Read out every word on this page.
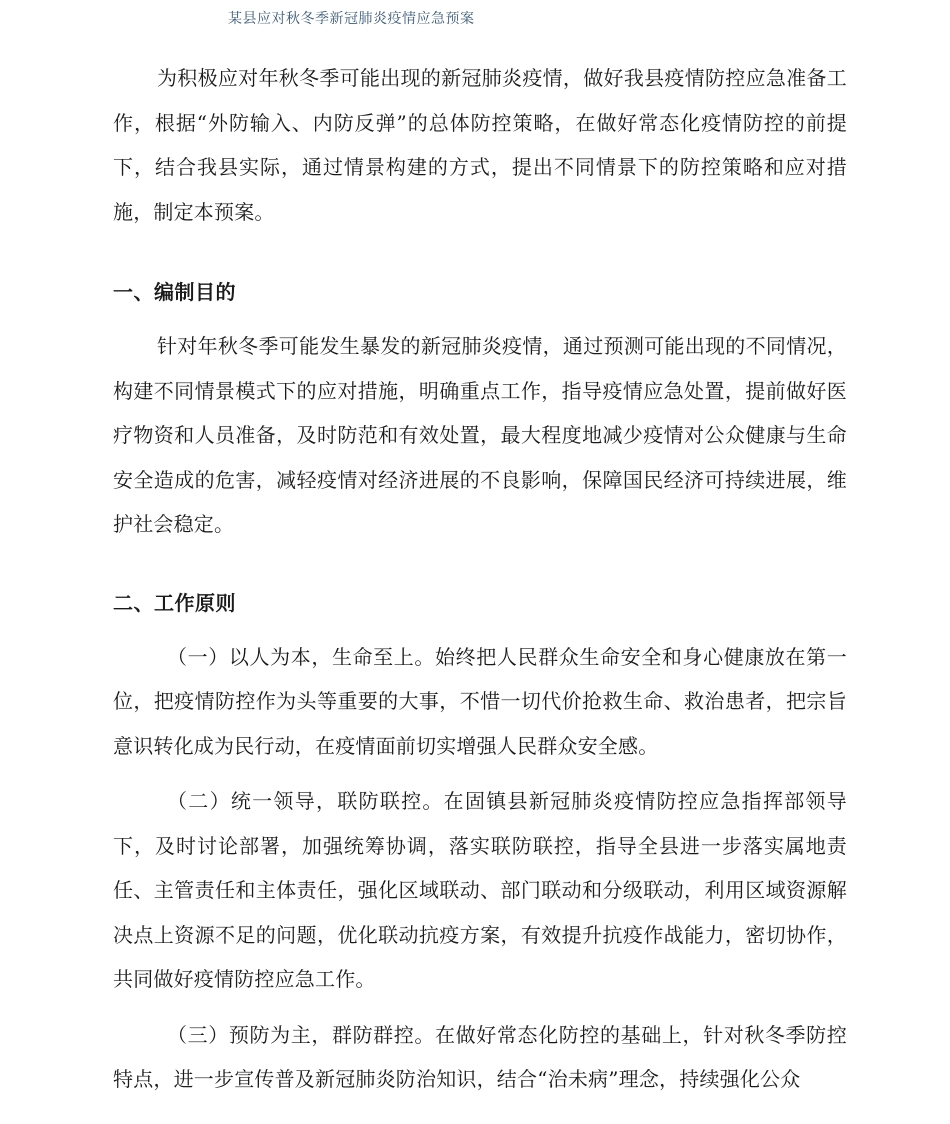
某县应对秋冬季新冠肺炎疫情应急预案

为积极应对年秋冬季可能出现的新冠肺炎疫情，做好我县疫情防控应急准备工作，根据“外防输入、内防反弹”的总体防控策略，在做好常态化疫情防控的前提下，结合我县实际，通过情景构建的方式，提出不同情景下的防控策略和应对措施，制定本预案。

一、编制目的

针对年秋冬季可能发生暴发的新冠肺炎疫情，通过预测可能出现的不同情况，构建不同情景模式下的应对措施，明确重点工作，指导疫情应急处置，提前做好医疗物资和人员准备，及时防范和有效处置，最大程度地减少疫情对公众健康与生命安全造成的危害，减轻疫情对经济进展的不良影响，保障国民经济可持续进展，维护社会稳定。

二、工作原则

（一）以人为本，生命至上。始终把人民群众生命安全和身心健康放在第一位，把疫情防控作为头等重要的大事，不惜一切代价抢救生命、救治患者，把宗旨意识转化成为民行动，在疫情面前切实增强人民群众安全感。

（二）统一领导，联防联控。在固镇县新冠肺炎疫情防控应急指挥部领导下，及时讨论部署，加强统筹协调，落实联防联控，指导全县进一步落实属地责任、主管责任和主体责任，强化区域联动、部门联动和分级联动，利用区域资源解决点上资源不足的问题，优化联动抗疫方案，有效提升抗疫作战能力，密切协作，共同做好疫情防控应急工作。

（三）预防为主，群防群控。在做好常态化防控的基础上，针对秋冬季防控特点，进一步宣传普及新冠肺炎防治知识，结合“治未病”理念，持续强化公众
